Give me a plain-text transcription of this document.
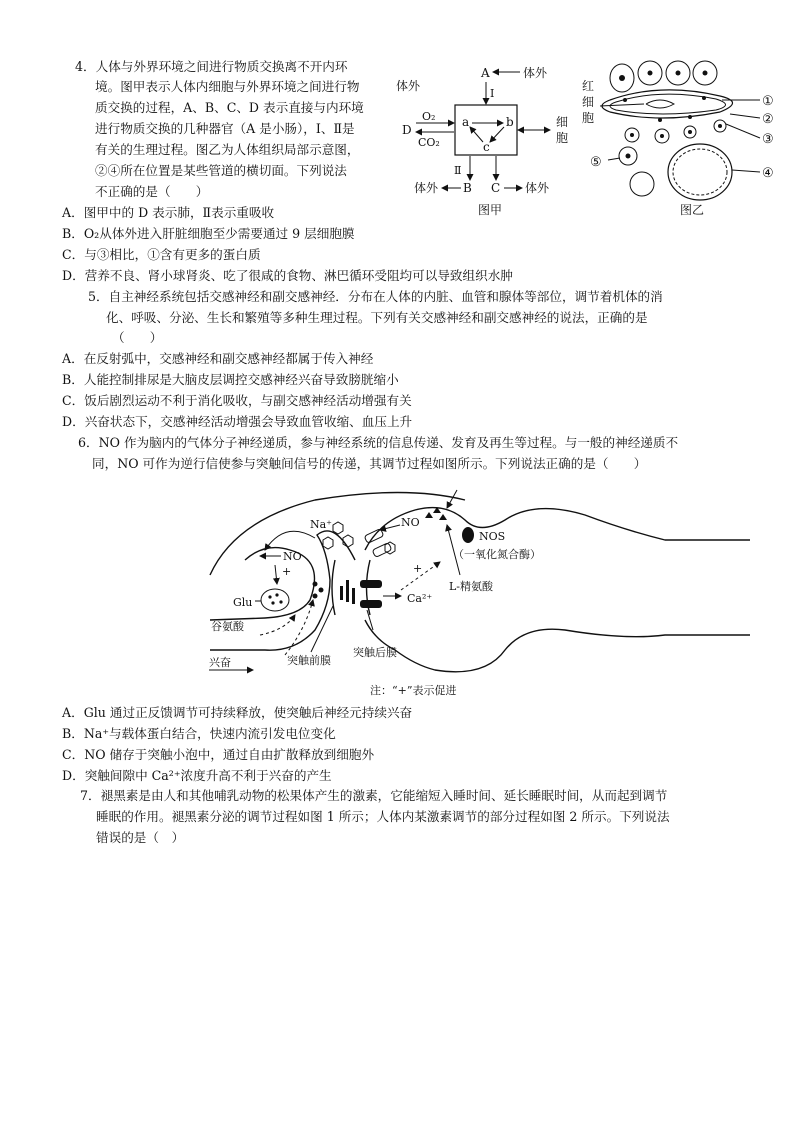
4．人体与外界环境之间进行物质交换离不开内环
境。图甲表示人体内细胞与外界环境之间进行物
质交换的过程，A、B、C、D 表示直接与内环境
进行物质交换的几种器官（A 是小肠），I、Ⅱ是
有关的生理过程。图乙为人体组织局部示意图，
②④所在位置是某些管道的横切面。下列说法
不正确的是（　　）
a	b
c
A	体外
I
D
O₂
CO₂
体外
细
胞
Ⅱ
体外 B C 体外
图甲
红
细
胞
①
②
③
④
⑤
图乙
A．图甲中的 D 表示肺，Ⅱ表示重吸收
B．O₂从体外进入肝脏细胞至少需要通过 9 层细胞膜
C．与③相比，①含有更多的蛋白质
D．营养不良、肾小球肾炎、吃了很咸的食物、淋巴循环受阻均可以导致组织水肿
5．自主神经系统包括交感神经和副交感神经．分布在人体的内脏、血管和腺体等部位，调节着机体的消
化、呼吸、分泌、生长和繁殖等多种生理过程。下列有关交感神经和副交感神经的说法，正确的是
（　　）
A．在反射弧中，交感神经和副交感神经都属于传入神经
B．人能控制排尿是大脑皮层调控交感神经兴奋导致膀胱缩小
C．饭后剧烈运动不利于消化吸收，与副交感神经活动增强有关
D．兴奋状态下，交感神经活动增强会导致血管收缩、血压上升
6．NO 作为脑内的气体分子神经递质，参与神经系统的信息传递、发育及再生等过程。与一般的神经递质不
同，NO 可作为逆行信使参与突触间信号的传递，其调节过程如图所示。下列说法正确的是（　　）
Ca²⁺
Na⁺
NO
+
NO
NOS
（一氧化氮合酶）
L-精氨酸
+
Glu
谷氨酸
兴奋	突触前膜
突触后膜
注：“+”表示促进
A．Glu 通过正反馈调节可持续释放，使突触后神经元持续兴奋
B．Na⁺与载体蛋白结合，快速内流引发电位变化
C．NO 储存于突触小泡中，通过自由扩散释放到细胞外
D．突触间隙中 Ca²⁺浓度升高不利于兴奋的产生
7．褪黑素是由人和其他哺乳动物的松果体产生的激素，它能缩短入睡时间、延长睡眠时间，从而起到调节
睡眠的作用。褪黑素分泌的调节过程如图 1 所示；人体内某激素调节的部分过程如图 2 所示。下列说法
错误的是（　）
